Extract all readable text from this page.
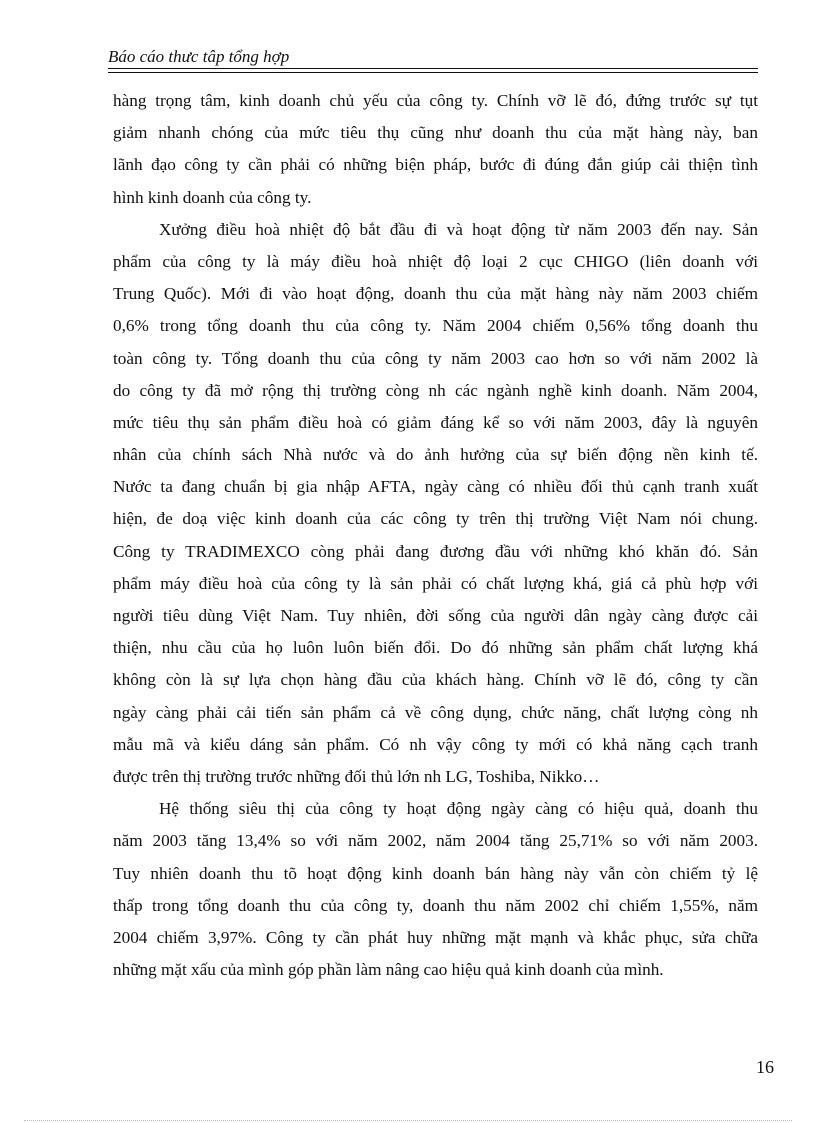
Báo cáo thưc tâp tổng hợp
hàng trọng tâm, kinh doanh chủ yếu của công ty. Chính vỡ lẽ đó, đứng trước sự tụt
giảm nhanh chóng của mức tiêu thụ cũng như doanh thu của mặt hàng này, ban
lãnh đạo công ty cần phải có những biện pháp, bước đi đúng đắn giúp cải thiện tình
hình kinh doanh của công ty.
Xưởng điều hoà nhiệt độ bắt đầu đi và hoạt động từ năm 2003 đến nay. Sản
phẩm của công ty là máy điều hoà nhiệt độ loại 2 cục CHIGO (liên doanh với
Trung Quốc). Mới đi vào hoạt động, doanh thu của mặt hàng này năm 2003 chiếm
0,6% trong tổng doanh thu của công ty. Năm 2004 chiếm 0,56% tổng doanh thu
toàn công ty. Tổng doanh thu của công ty năm 2003 cao hơn so với năm 2002 là
do công ty đã mở rộng thị trường còng nh các ngành nghề kinh doanh. Năm 2004,
mức tiêu thụ sản phẩm điều hoà có giảm đáng kể so với năm 2003, đây là nguyên
nhân của chính sách Nhà nước và do ảnh hưởng của sự biến động nền kinh tế.
Nước ta đang chuẩn bị gia nhập AFTA, ngày càng có nhiều đối thủ cạnh tranh xuất
hiện, đe doạ việc kinh doanh của các công ty trên thị trường Việt Nam nói chung.
Công ty TRADIMEXCO còng phải đang đương đầu với những khó khăn đó. Sản
phẩm máy điều hoà của công ty là sản phải có chất lượng khá, giá cả phù hợp với
người tiêu dùng Việt Nam. Tuy nhiên, đời sống của người dân ngày càng được cải
thiện, nhu cầu của họ luôn luôn biến đổi. Do đó những sản phẩm chất lượng khá
không còn là sự lựa chọn hàng đầu của khách hàng. Chính vỡ lẽ đó, công ty cần
ngày càng phải cải tiến sản phẩm cả về công dụng, chức năng, chất lượng còng nh
mẫu mã và kiểu dáng sản phẩm. Có nh vậy công ty mới có khả năng cạch tranh
được trên thị trường trước những đối thủ lớn nh LG, Toshiba, Nikko…
Hệ thống siêu thị của công ty hoạt động ngày càng có hiệu quả, doanh thu
năm 2003 tăng 13,4% so với năm 2002, năm 2004 tăng 25,71% so với năm 2003.
Tuy nhiên doanh thu tõ hoạt động kinh doanh bán hàng này vẫn còn chiếm tỷ lệ
thấp trong tổng doanh thu của công ty, doanh thu năm 2002 chỉ chiếm 1,55%, năm
2004 chiếm 3,97%. Công ty cần phát huy những mặt mạnh và khắc phục, sửa chữa
những mặt xấu của mình góp phần làm nâng cao hiệu quả kinh doanh của mình.
16
